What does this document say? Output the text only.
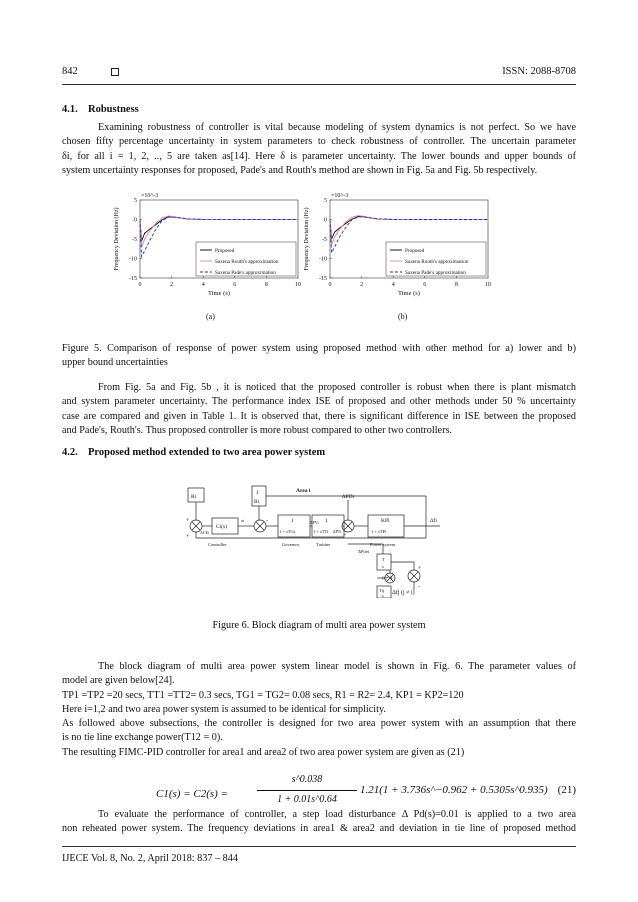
842	ISSN: 2088-8708
4.1. Robustness
Examining robustness of controller is vital because modeling of system dynamics is not perfect. So we have
chosen fifty percentage uncertainty in system parameters to check robustness of controller. The uncertain parameter
δi, for all i = 1, 2, .., 5 are taken as[14]. Here δ is parameter uncertainty. The lower bounds and upper bounds of
system uncertainty responses for proposed, Pade's and Routh's method are shown in Fig. 5a and Fig. 5b respectively.
0	2	4	6	8	10
5
0
-5
-10
-15
Time (s)
Frequency Deviation (Hz)
×10^-3
Proposed
Saxena Routh's approximation
Saxena Pade's approximation
0	2	4	6	8	10
5
0
-5
-10
-15
Time (s)
Frequency Deviation (Hz)
×10^-3
Proposed
Saxena Routh's approximation
Saxena Pade's approximation
(a)	(b)
Figure 5. Comparison of response of power system using proposed method with other method for a) lower and b)
upper bound uncertainties
From Fig. 5a and Fig. 5b , it is noticed that the proposed controller is robust when there is plant mismatch
and system parameter uncertainty. The performance index ISE of proposed and other methods under 50 % uncertainty
case are compared and given in Table 1. It is observed that, there is significant difference in ISE between the proposed
and Pade's, Routh's. Thus proposed controller is more robust compared to other two controllers.
4.2. Proposed method extended to two area power system
Ri
1
Ri
Area i
Ci(s)
ACEi
ui	1
1 + sTGi
1
1 + sTTi
KPi
1 + sTPi
ΔPVi
ΔPTi
ΔPDi
Δfi
ΔPtiei
T
s
Tij
s
(j ≠ i)
Controller	Governor	Turbine	Power system
+
+
-
-
+
-
Δfj (j ≠ i)
Figure 6. Block diagram of multi area power system
The block diagram of multi area power system linear model is shown in Fig. 6. The parameter values of
model are given below[24].
TP1 =TP2 =20 secs, TT1 =TT2= 0.3 secs, TG1 = TG2= 0.08 secs, R1 = R2= 2.4, KP1 = KP2=120
Here i=1,2 and two area power system is assumed to be identical for simplicity.
As followed above subsections, the controller is designed for two area power system with an assumption that there
is no tie line exchange power(T12 = 0).
The resulting FIMC-PID controller for area1 and area2 of two area power system are given as (21)
C1(s) = C2(s) =
s^0.038
1 + 0.01s^0.64
1.21(1 + 3.736s^−0.962 + 0.5305s^0.935) (21)
To evaluate the performance of controller, a step load disturbance Δ Pd(s)=0.01 is applied to a two area
non reheated power system. The frequency deviations in area1 & area2 and deviation in tie line of proposed method
IJECE Vol. 8, No. 2, April 2018: 837 – 844
